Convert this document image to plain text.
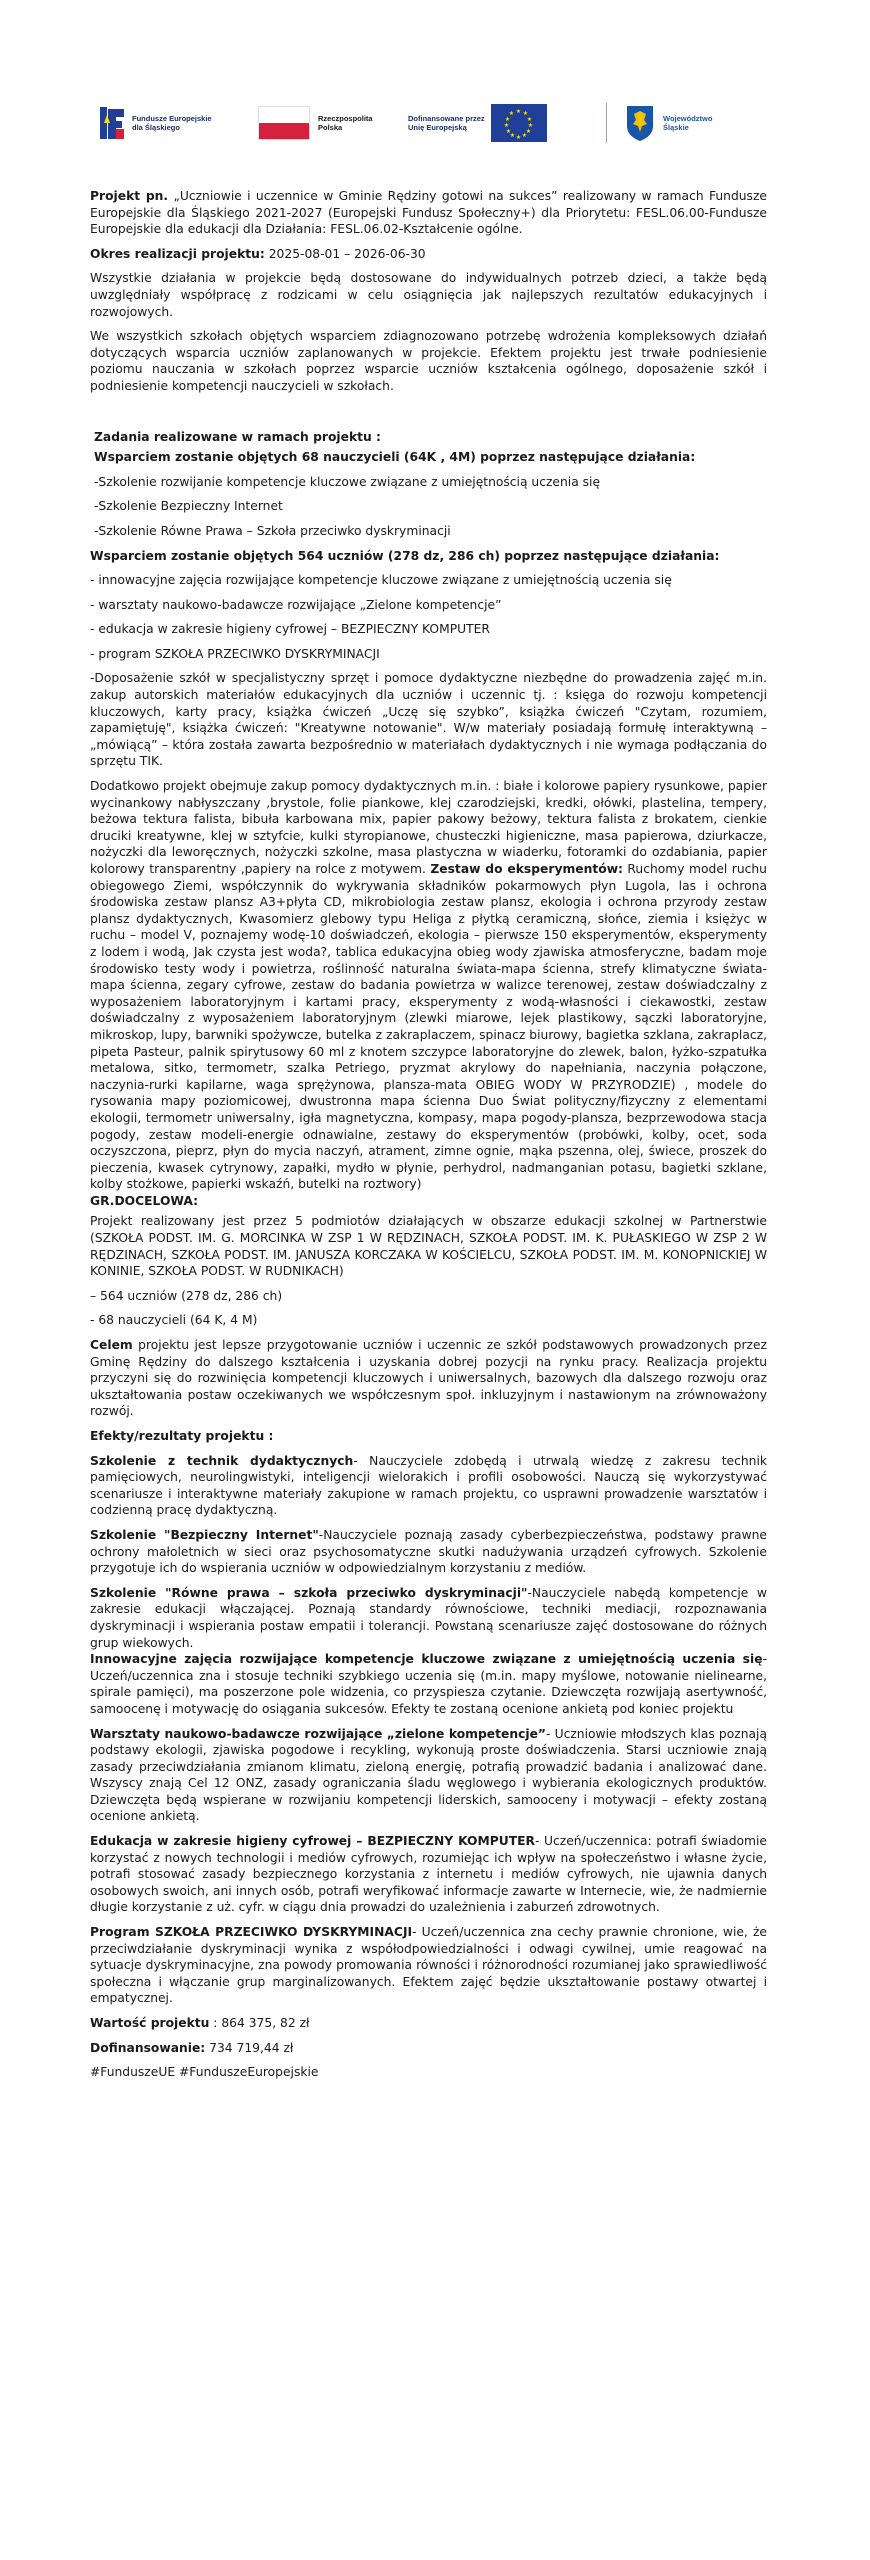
Fundusze Europejskie
dla Śląskiego
Rzeczpospolita
Polska
Dofinansowane przez
Unię Europejską
★ ★
★
★
★
★
★
★
★
★
★
★
Województwo
Śląskie

Projekt pn. „Uczniowie i uczennice w Gminie Rędziny gotowi na sukces” realizowany w ramach Fundusze Europejskie dla Śląskiego 2021-2027 (Europejski Fundusz Społeczny+) dla Priorytetu: FESL.06.00-Fundusze Europejskie dla edukacji dla Działania: FESL.06.02-Kształcenie ogólne.

Okres realizacji projektu: 2025-08-01 – 2026-06-30

Wszystkie działania w projekcie będą dostosowane do indywidualnych potrzeb dzieci, a także będą uwzględniały współpracę z rodzicami w celu osiągnięcia jak najlepszych rezultatów edukacyjnych i rozwojowych.

We wszystkich szkołach objętych wsparciem zdiagnozowano potrzebę wdrożenia kompleksowych działań dotyczących wsparcia uczniów zaplanowanych w projekcie. Efektem projektu jest trwałe podniesienie poziomu nauczania w szkołach poprzez wsparcie uczniów kształcenia ogólnego, doposażenie szkół i podniesienie kompetencji nauczycieli w szkołach.

Zadania realizowane w ramach projektu :

Wsparciem zostanie objętych 68 nauczycieli (64K , 4M) poprzez następujące działania:

-Szkolenie rozwijanie kompetencje kluczowe związane z umiejętnością uczenia się

-Szkolenie Bezpieczny Internet

-Szkolenie Równe Prawa – Szkoła przeciwko dyskryminacji

Wsparciem zostanie objętych 564 uczniów (278 dz, 286 ch) poprzez następujące działania:

- innowacyjne zajęcia rozwijające kompetencje kluczowe związane z umiejętnością uczenia się

- warsztaty naukowo-badawcze rozwijające „Zielone kompetencje”

- edukacja w zakresie higieny cyfrowej – BEZPIECZNY KOMPUTER

- program SZKOŁA PRZECIWKO DYSKRYMINACJI

-Doposażenie szkół w specjalistyczny sprzęt i pomoce dydaktyczne niezbędne do prowadzenia zajęć m.in. zakup autorskich materiałów edukacyjnych dla uczniów i uczennic tj. : księga do rozwoju kompetencji kluczowych, karty pracy, książka ćwiczeń „Uczę się szybko”, książka ćwiczeń "Czytam, rozumiem, zapamiętuję", książka ćwiczeń: "Kreatywne notowanie". W/w materiały posiadają formułę interaktywną – „mówiącą” – która została zawarta bezpośrednio w materiałach dydaktycznych i nie wymaga podłączania do sprzętu TIK.

Dodatkowo projekt obejmuje zakup pomocy dydaktycznych m.in. : białe i kolorowe papiery rysunkowe, papier wycinankowy nabłyszczany ,brystole, folie piankowe, klej czarodziejski, kredki, ołówki, plastelina, tempery, beżowa tektura falista, bibuła karbowana mix, papier pakowy beżowy, tektura falista z brokatem, cienkie druciki kreatywne, klej w sztyfcie, kulki styropianowe, chusteczki higieniczne, masa papierowa, dziurkacze, nożyczki dla leworęcznych, nożyczki szkolne, masa plastyczna w wiaderku, fotoramki do ozdabiania, papier kolorowy transparentny ,papiery na rolce z motywem. Zestaw do eksperymentów: Ruchomy model ruchu obiegowego Ziemi, współczynnik do wykrywania składników pokarmowych płyn Lugola, las i ochrona środowiska zestaw plansz A3+płyta CD, mikrobiologia zestaw plansz, ekologia i ochrona przyrody zestaw plansz dydaktycznych, Kwasomierz glebowy typu Heliga z płytką ceramiczną, słońce, ziemia i księżyc w ruchu – model V, poznajemy wodę-10 doświadczeń, ekologia – pierwsze 150 eksperymentów, eksperymenty z lodem i wodą, Jak czysta jest woda?, tablica edukacyjna obieg wody zjawiska atmosferyczne, badam moje środowisko testy wody i powietrza, roślinność naturalna świata-mapa ścienna, strefy klimatyczne świata-mapa ścienna, zegary cyfrowe, zestaw do badania powietrza w walizce terenowej, zestaw doświadczalny z wyposażeniem laboratoryjnym i kartami pracy, eksperymenty z wodą-własności i ciekawostki, zestaw doświadczalny z wyposażeniem laboratoryjnym (zlewki miarowe, lejek plastikowy, sączki laboratoryjne, mikroskop, lupy, barwniki spożywcze, butelka z zakraplaczem, spinacz biurowy, bagietka szklana, zakraplacz, pipeta Pasteur, palnik spirytusowy 60 ml z knotem szczypce laboratoryjne do zlewek, balon, łyżko-szpatułka metalowa, sitko, termometr, szalka Petriego, pryzmat akrylowy do napełniania, naczynia połączone, naczynia-rurki kapilarne, waga sprężynowa, plansza-mata OBIEG WODY W PRZYRODZIE) , modele do rysowania mapy poziomicowej, dwustronna mapa ścienna Duo Świat polityczny/fizyczny z elementami ekologii, termometr uniwersalny, igła magnetyczna, kompasy, mapa pogody-plansza, bezprzewodowa stacja pogody, zestaw modeli-energie odnawialne, zestawy do eksperymentów (probówki, kolby, ocet, soda oczyszczona, pieprz, płyn do mycia naczyń, atrament, zimne ognie, mąka pszenna, olej, świece, proszek do pieczenia, kwasek cytrynowy, zapałki, mydło w płynie, perhydrol, nadmanganian potasu, bagietki szklane, kolby stożkowe, papierki wskaźń, butelki na roztwory)

GR.DOCELOWA:

Projekt realizowany jest przez 5 podmiotów działających w obszarze edukacji szkolnej w Partnerstwie (SZKOŁA PODST. IM. G. MORCINKA W ZSP 1 W RĘDZINACH, SZKOŁA PODST. IM. K. PUŁASKIEGO W ZSP 2 W RĘDZINACH, SZKOŁA PODST. IM. JANUSZA KORCZAKA W KOŚCIELCU, SZKOŁA PODST. IM. M. KONOPNICKIEJ W KONINIE, SZKOŁA PODST. W RUDNIKACH)

– 564 uczniów (278 dz, 286 ch)

- 68 nauczycieli (64 K, 4 M)

Celem projektu jest lepsze przygotowanie uczniów i uczennic ze szkół podstawowych prowadzonych przez Gminę Rędziny do dalszego kształcenia i uzyskania dobrej pozycji na rynku pracy. Realizacja projektu przyczyni się do rozwinięcia kompetencji kluczowych i uniwersalnych, bazowych dla dalszego rozwoju oraz ukształtowania postaw oczekiwanych we współczesnym społ. inkluzyjnym i nastawionym na zrównoważony rozwój.

Efekty/rezultaty projektu :

Szkolenie z technik dydaktycznych- Nauczyciele zdobędą i utrwalą wiedzę z zakresu technik pamięciowych, neurolingwistyki, inteligencji wielorakich i profili osobowości. Nauczą się wykorzystywać scenariusze i interaktywne materiały zakupione w ramach projektu, co usprawni prowadzenie warsztatów i codzienną pracę dydaktyczną.

Szkolenie "Bezpieczny Internet"-Nauczyciele poznają zasady cyberbezpieczeństwa, podstawy prawne ochrony małoletnich w sieci oraz psychosomatyczne skutki nadużywania urządzeń cyfrowych. Szkolenie przygotuje ich do wspierania uczniów w odpowiedzialnym korzystaniu z mediów.

Szkolenie "Równe prawa – szkoła przeciwko dyskryminacji"-Nauczyciele nabędą kompetencje w zakresie edukacji włączającej. Poznają standardy równościowe, techniki mediacji, rozpoznawania dyskryminacji i wspierania postaw empatii i tolerancji. Powstaną scenariusze zajęć dostosowane do różnych grup wiekowych.

Innowacyjne zajęcia rozwijające kompetencje kluczowe związane z umiejętnością uczenia się-Uczeń/uczennica zna i stosuje techniki szybkiego uczenia się (m.in. mapy myślowe, notowanie nielinearne, spirale pamięci), ma poszerzone pole widzenia, co przyspiesza czytanie. Dziewczęta rozwijają asertywność, samoocenę i motywację do osiągania sukcesów. Efekty te zostaną ocenione ankietą pod koniec projektu

Warsztaty naukowo-badawcze rozwijające „zielone kompetencje”- Uczniowie młodszych klas poznają podstawy ekologii, zjawiska pogodowe i recykling, wykonują proste doświadczenia. Starsi uczniowie znają zasady przeciwdziałania zmianom klimatu, zieloną energię, potrafią prowadzić badania i analizować dane. Wszyscy znają Cel 12 ONZ, zasady ograniczania śladu węglowego i wybierania ekologicznych produktów. Dziewczęta będą wspierane w rozwijaniu kompetencji liderskich, samooceny i motywacji – efekty zostaną ocenione ankietą.

Edukacja w zakresie higieny cyfrowej – BEZPIECZNY KOMPUTER- Uczeń/uczennica: potrafi świadomie korzystać z nowych technologii i mediów cyfrowych, rozumiejąc ich wpływ na społeczeństwo i własne życie, potrafi stosować zasady bezpiecznego korzystania z internetu i mediów cyfrowych, nie ujawnia danych osobowych swoich, ani innych osób, potrafi weryfikować informacje zawarte w Internecie, wie, że nadmiernie długie korzystanie z uż. cyfr. w ciągu dnia prowadzi do uzależnienia i zaburzeń zdrowotnych.

Program SZKOŁA PRZECIWKO DYSKRYMINACJI- Uczeń/uczennica zna cechy prawnie chronione, wie, że przeciwdziałanie dyskryminacji wynika z współodpowiedzialności i odwagi cywilnej, umie reagować na sytuacje dyskryminacyjne, zna powody promowania równości i różnorodności rozumianej jako sprawiedliwość społeczna i włączanie grup marginalizowanych. Efektem zajęć będzie ukształtowanie postawy otwartej i empatycznej.

Wartość projektu : 864 375, 82 zł

Dofinansowanie: 734 719,44 zł

#FunduszeUE #FunduszeEuropejskie
